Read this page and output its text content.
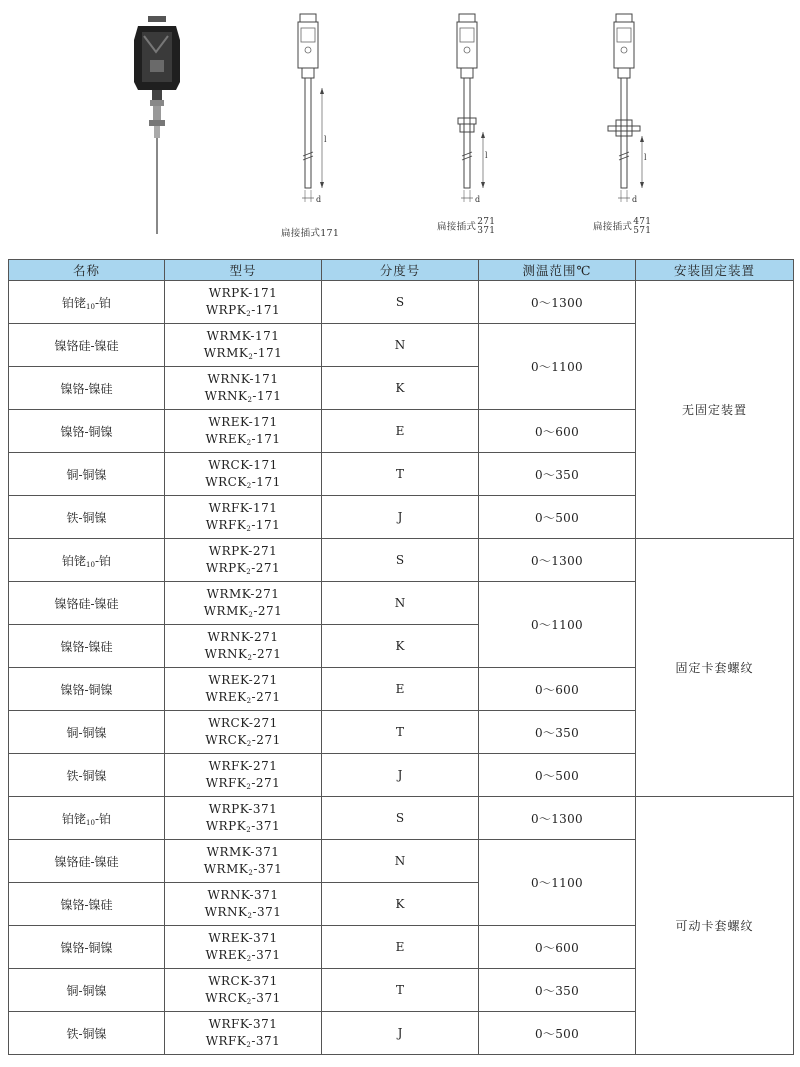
l
d
扁接插式171
l
d
扁接插式 271
371
l
d
扁接插式 471
571
名称	型号	分度号	测温范围℃	安装固定装置
铂铑$_{10}$-铂	WRPK-171
$WRPK_2-171$	S	0～1300	无固定装置
镍铬硅-镍硅	WRMK-171
$WRMK_2-171$	N	0～1100	
镍铬-镍硅	WRNK-171
$WRNK_2-171$	K		
镍铬-铜镍	WREK-171
$WREK_2-171$	E	0～600	
铜-铜镍	WRCK-171
$WRCK_2-171$	T	0～350	
铁-铜镍	WRFK-171
$WRFK_2-171$	J	0～500	
铂铑$_{10}$-铂	WRPK-271
$WRPK_2-271$	S	0～1300	固定卡套螺纹
镍铬硅-镍硅	WRMK-271
$WRMK_2-271$	N	0～1100	
镍铬-镍硅	WRNK-271
$WRNK_2-271$	K		
镍铬-铜镍	WREK-271
$WREK_2-271$	E	0～600	
铜-铜镍	WRCK-271
$WRCK_2-271$	T	0～350	
铁-铜镍	WRFK-271
$WRFK_2-271$	J	0～500	
铂铑$_{10}$-铂	WRPK-371
$WRPK_2-371$	S	0～1300	可动卡套螺纹
镍铬硅-镍硅	WRMK-371
$WRMK_2-371$	N	0～1100	
镍铬-镍硅	WRNK-371
$WRNK_2-371$	K		
镍铬-铜镍	WREK-371
$WREK_2-371$	E	0～600	
铜-铜镍	WRCK-371
$WRCK_2-371$	T	0～350	
铁-铜镍	WRFK-371
$WRFK_2-371$	J	0～500	
